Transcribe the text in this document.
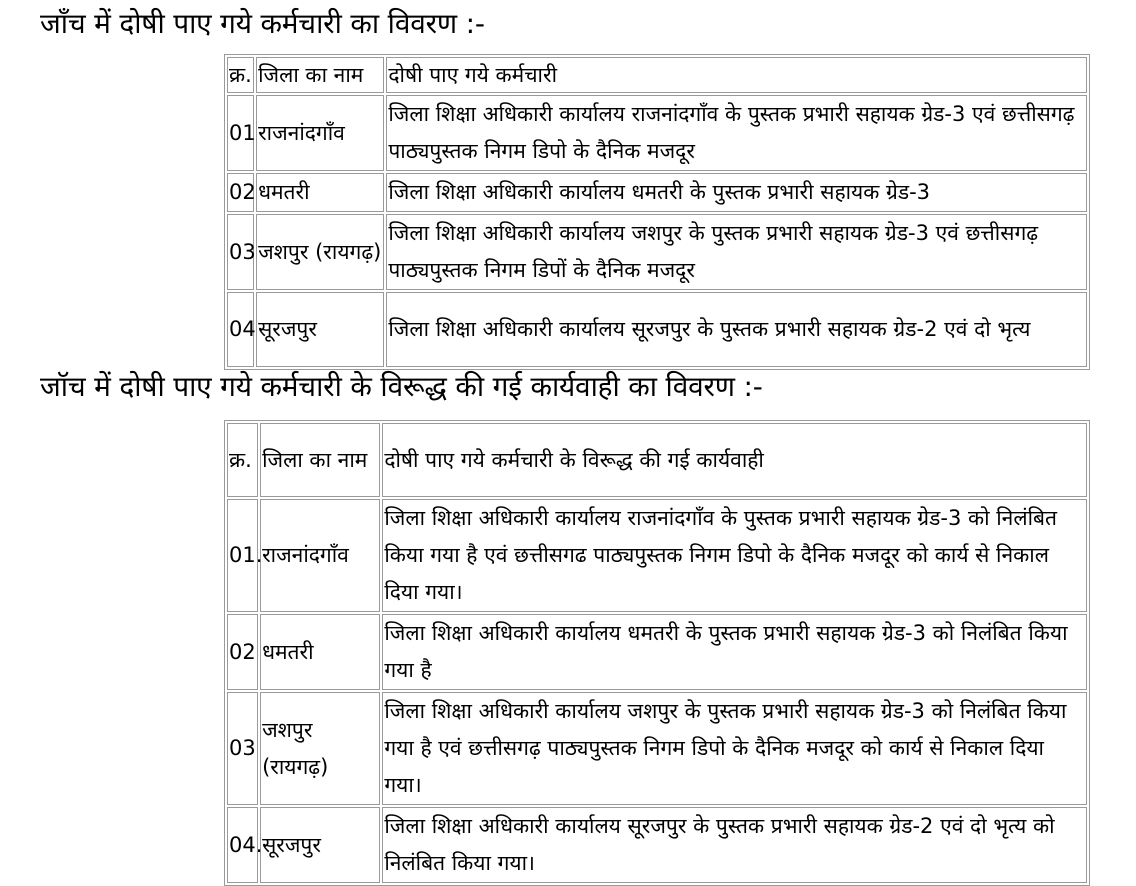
जाँच में दोषी पाए गये कर्मचारी का विवरण :-
क्र.	जिला का नाम	दोषी पाए गये कर्मचारी
01	राजनांदगाँव	जिला शिक्षा अधिकारी कार्यालय राजनांदगाँव के पुस्तक प्रभारी सहायक ग्रेड-3 एवं छत्तीसगढ़ पाठ्यपुस्तक निगम डिपो के दैनिक मजदूर
02	धमतरी	जिला शिक्षा अधिकारी कार्यालय धमतरी के पुस्तक प्रभारी सहायक ग्रेड-3
03	जशपुर (रायगढ़)	जिला शिक्षा अधिकारी कार्यालय जशपुर के पुस्तक प्रभारी सहायक ग्रेड-3 एवं छत्तीसगढ़ पाठ्यपुस्तक निगम डिपों के दैनिक मजदूर
04	सूरजपुर	जिला शिक्षा अधिकारी कार्यालय सूरजपुर के पुस्तक प्रभारी सहायक ग्रेड-2 एवं दो भृत्य
जॉच में दोषी पाए गये कर्मचारी के विरूद्ध की गई कार्यवाही का विवरण :-
क्र.	जिला का नाम	दोषी पाए गये कर्मचारी के विरूद्ध की गई कार्यवाही
01.	राजनांदगाँव	जिला शिक्षा अधिकारी कार्यालय राजनांदगाँव के पुस्तक प्रभारी सहायक ग्रेड-3 को निलंबित किया गया है एवं छत्तीसगढ पाठ्यपुस्तक निगम डिपो के दैनिक मजदूर को कार्य से निकाल दिया गया।
02	धमतरी	जिला शिक्षा अधिकारी कार्यालय धमतरी के पुस्तक प्रभारी सहायक ग्रेड-3 को निलंबित किया गया है
03	जशपुर (रायगढ़)	जिला शिक्षा अधिकारी कार्यालय जशपुर के पुस्तक प्रभारी सहायक ग्रेड-3 को निलंबित किया गया है एवं छत्तीसगढ़ पाठ्यपुस्तक निगम डिपो के दैनिक मजदूर को कार्य से निकाल दिया गया।
04.	सूरजपुर	जिला शिक्षा अधिकारी कार्यालय सूरजपुर के पुस्तक प्रभारी सहायक ग्रेड-2 एवं दो भृत्य को निलंबित किया गया।
